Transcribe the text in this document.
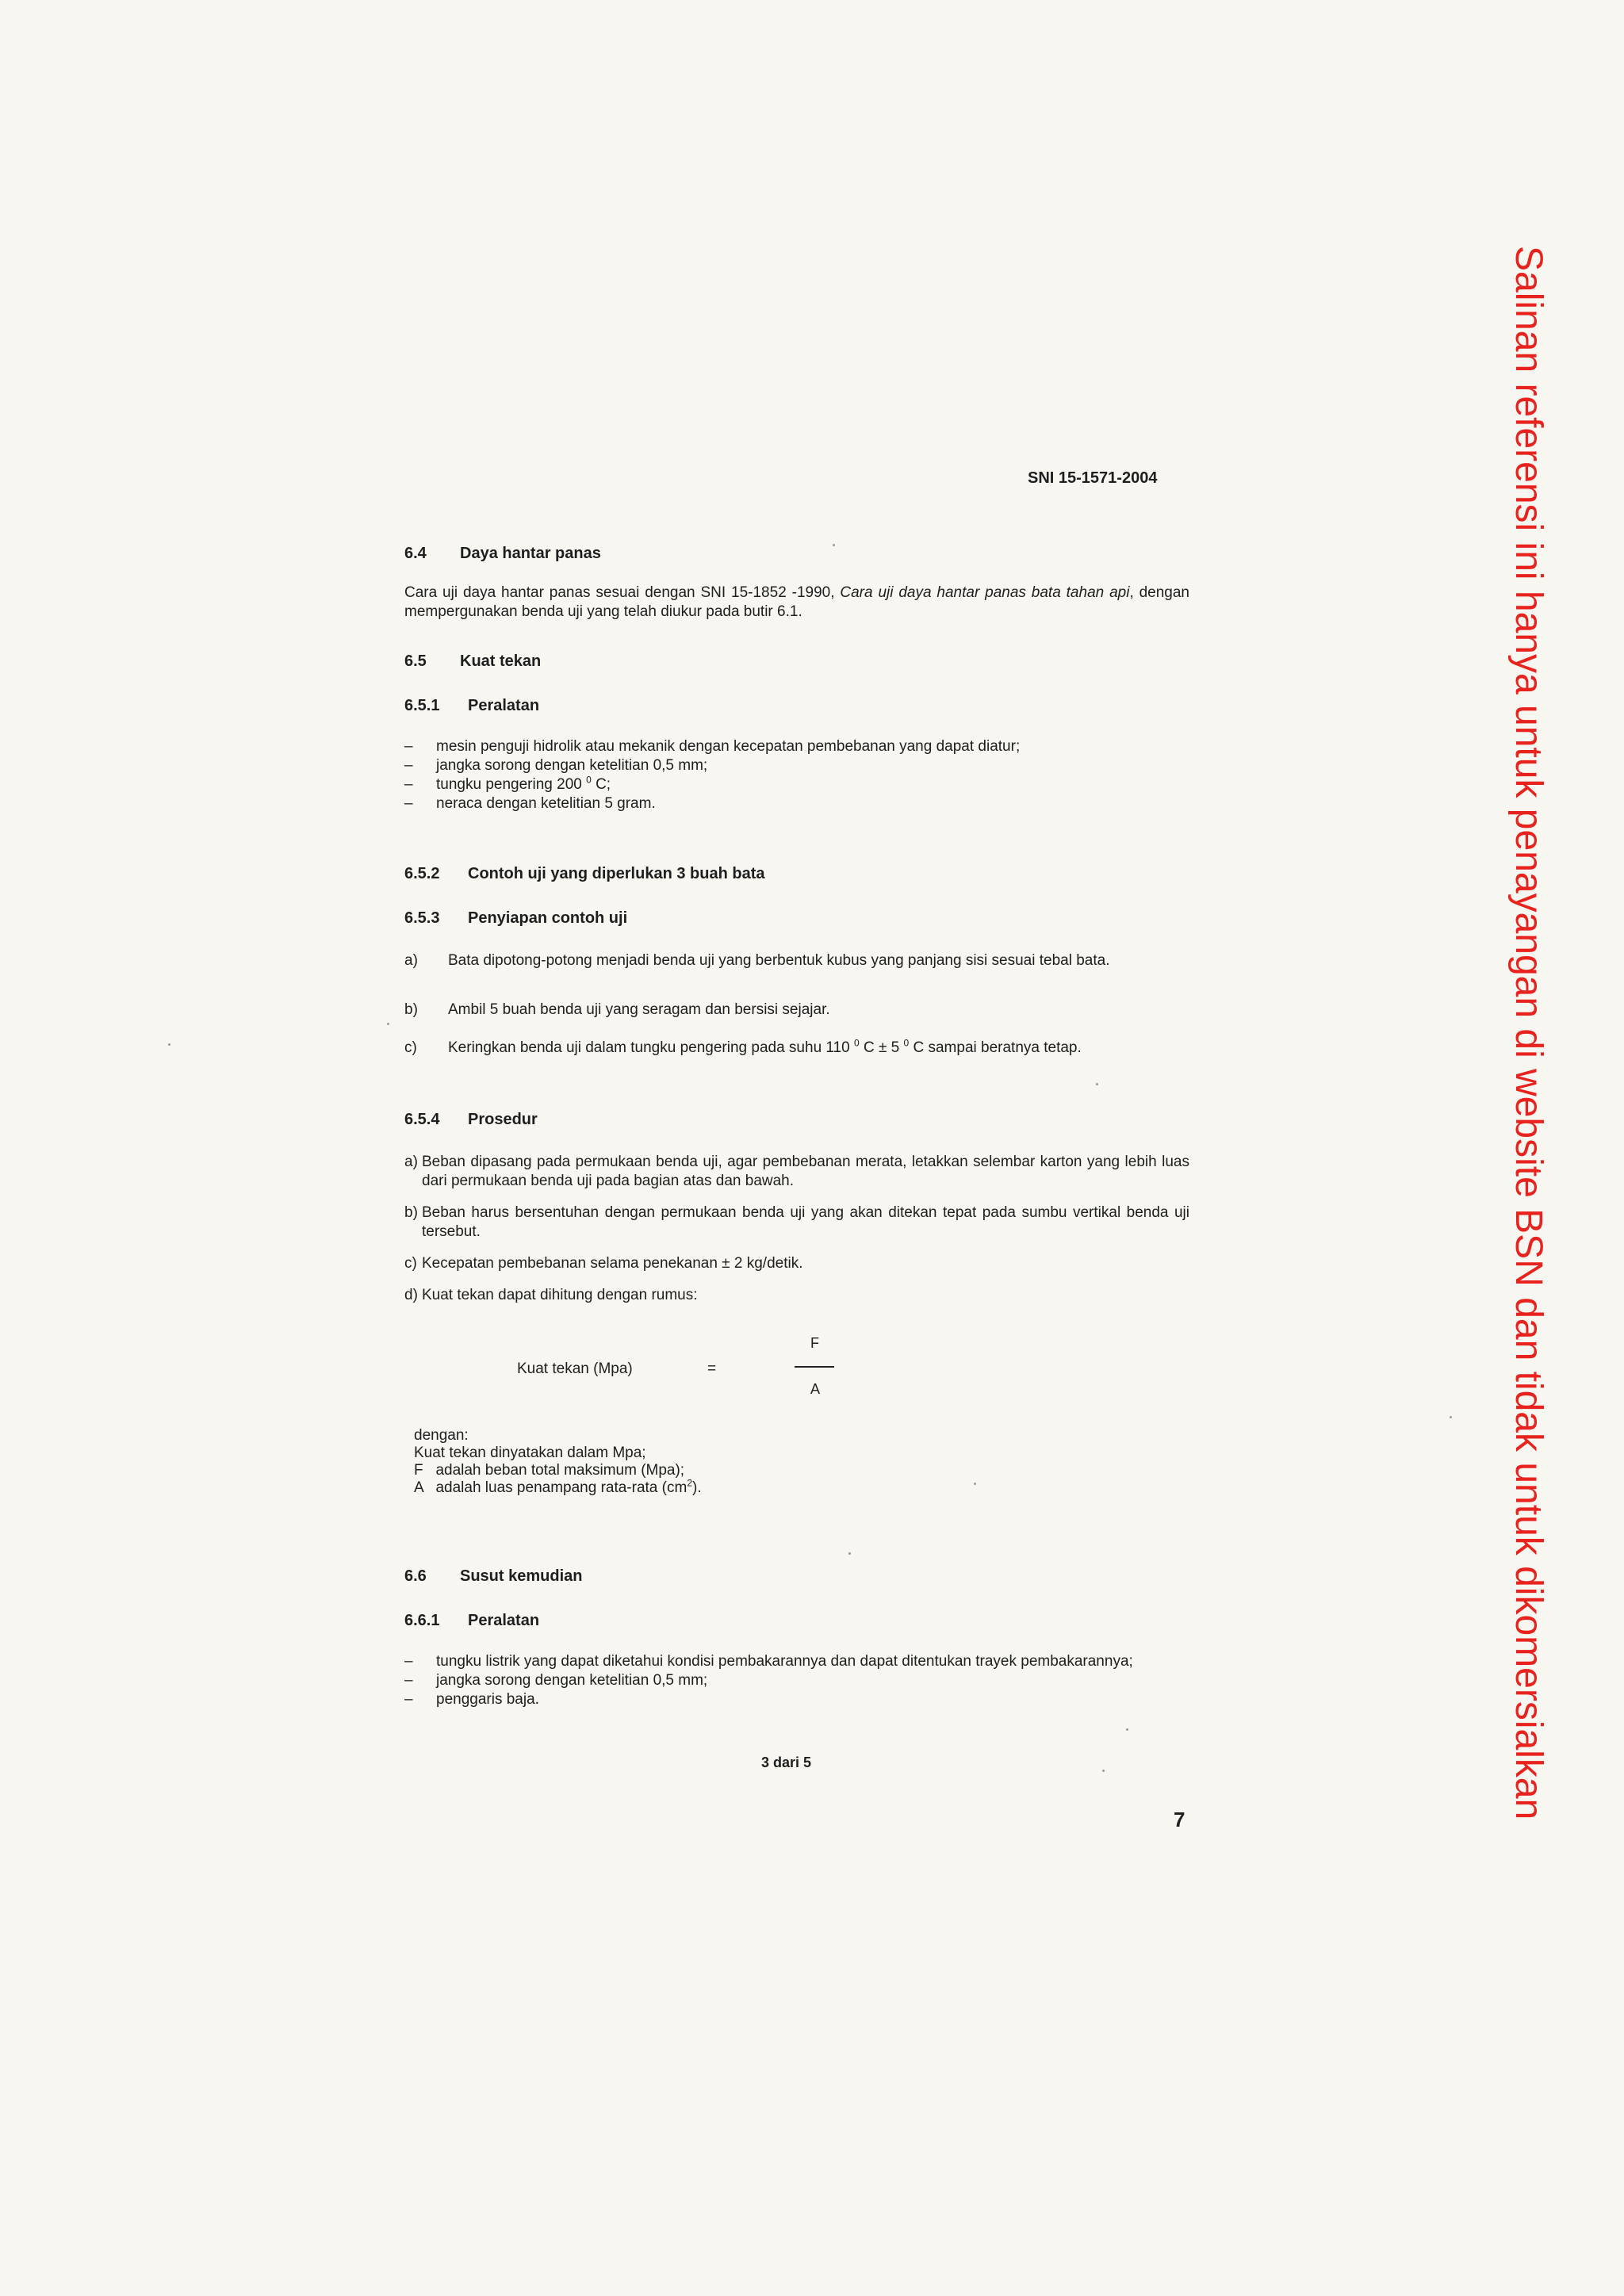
SNI 15-1571-2004
6.4 Daya hantar panas
Cara uji daya hantar panas sesuai dengan SNI 15-1852 -1990, Cara uji daya hantar panas bata tahan api, dengan mempergunakan benda uji yang telah diukur pada butir 6.1.
6.5 Kuat tekan
6.5.1 Peralatan
– mesin penguji hidrolik atau mekanik dengan kecepatan pembebanan yang dapat diatur;
– jangka sorong dengan ketelitian 0,5 mm;
– tungku pengering 200 $^0$ C;
– neraca dengan ketelitian 5 gram.
6.5.2 Contoh uji yang diperlukan 3 buah bata
6.5.3 Penyiapan contoh uji
a)	Bata dipotong-potong menjadi benda uji yang berbentuk kubus yang panjang sisi sesuai tebal bata.
b)	Ambil 5 buah benda uji yang seragam dan bersisi sejajar.
c)	Keringkan benda uji dalam tungku pengering pada suhu 110 $^0$ C ± 5 $^0$ C sampai beratnya tetap.
6.5.4 Prosedur
a) Beban dipasang pada permukaan benda uji, agar pembebanan merata, letakkan selembar karton yang lebih luas dari permukaan benda uji pada bagian atas dan bawah.
b) Beban harus bersentuhan dengan permukaan benda uji yang akan ditekan tepat pada sumbu vertikal benda uji tersebut.
c) Kecepatan pembebanan selama penekanan ± 2 kg/detik.
d) Kuat tekan dapat dihitung dengan rumus:
Kuat tekan (Mpa)	=
F
A
dengan:
Kuat tekan dinyatakan dalam Mpa;
F   adalah beban total maksimum (Mpa);
A   adalah luas penampang rata-rata $(cm^2)$.
6.6 Susut kemudian
6.6.1 Peralatan
– tungku listrik yang dapat diketahui kondisi pembakarannya dan dapat ditentukan trayek pembakarannya;
– jangka sorong dengan ketelitian 0,5 mm;
– penggaris baja.
3 dari 5
7	Salinan referensi ini hanya untuk penayangan di website BSN dan tidak untuk dikomersialkan
